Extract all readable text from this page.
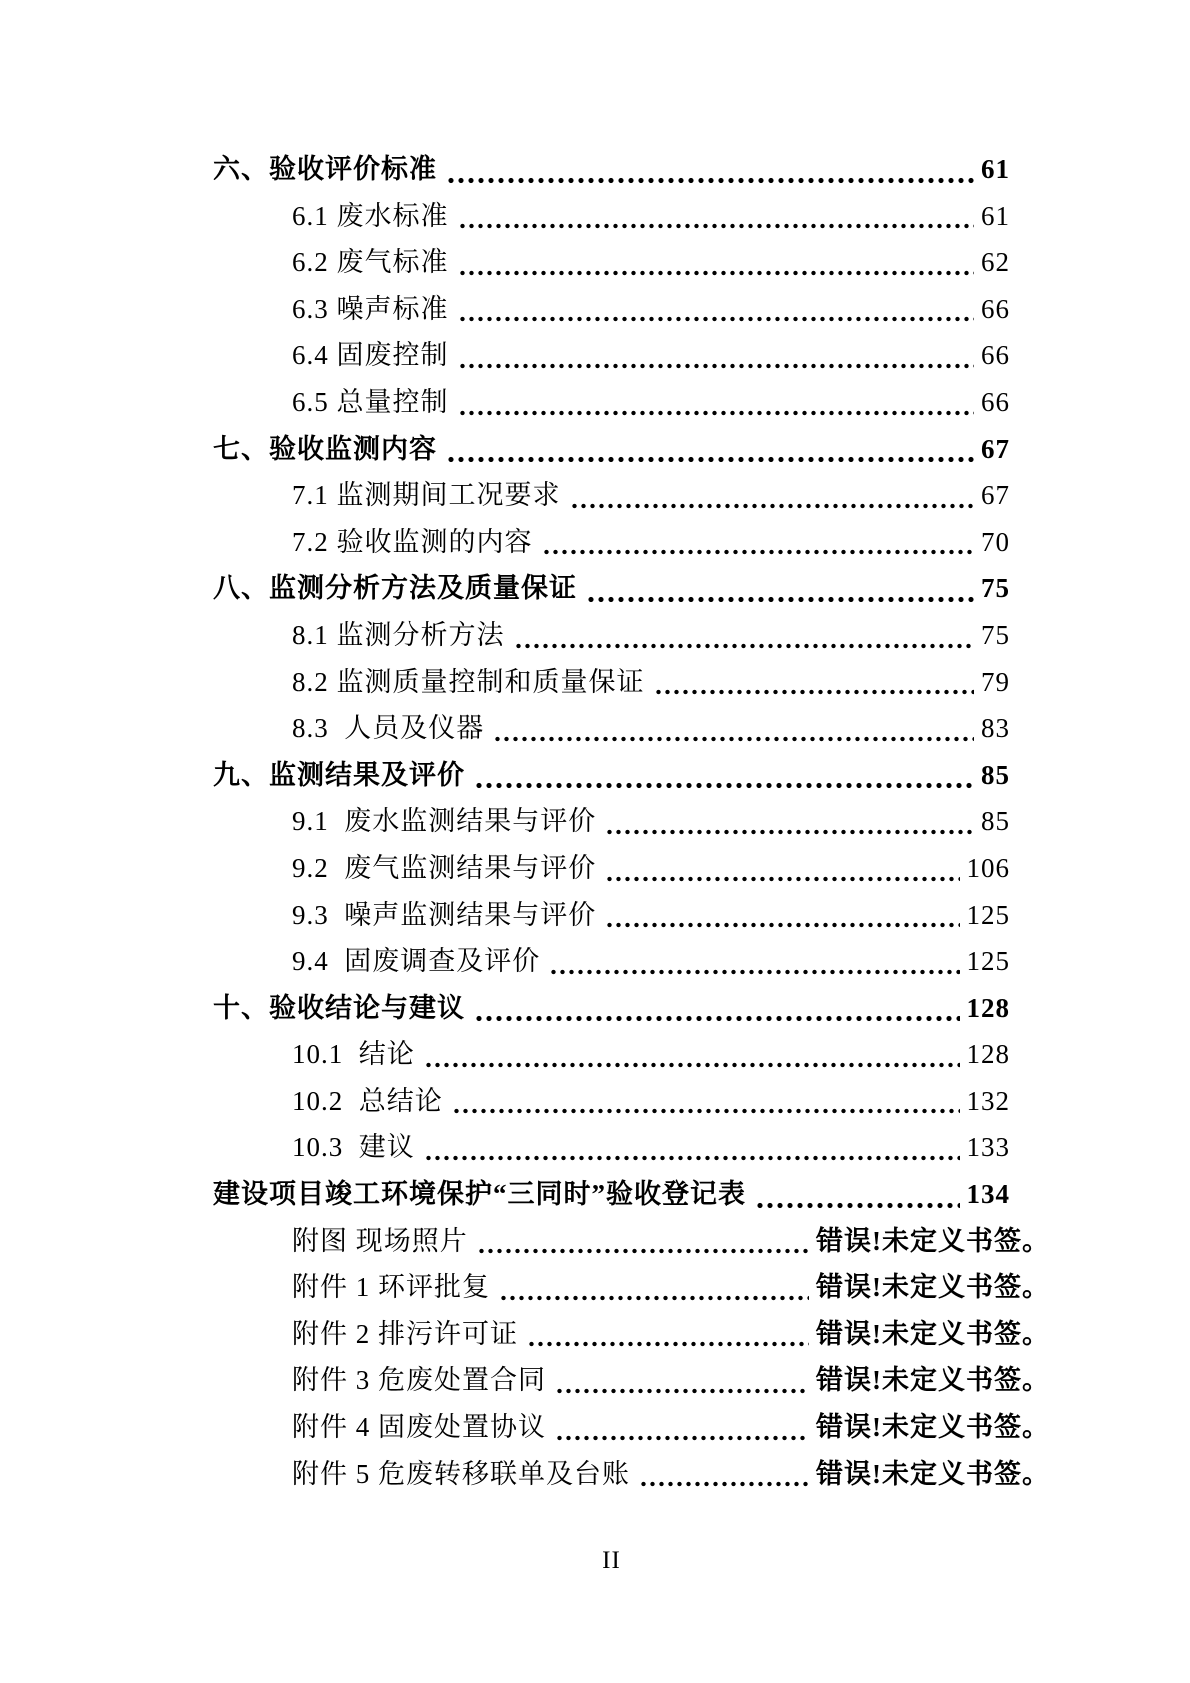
六、验收评价标准	61
6.1 废水标准	61
6.2 废气标准	62
6.3 噪声标准	66
6.4 固废控制	66
6.5 总量控制	66
七、验收监测内容	67
7.1 监测期间工况要求	67
7.2 验收监测的内容	70
八、监测分析方法及质量保证	75
8.1 监测分析方法	75
8.2 监测质量控制和质量保证	79
8.3  人员及仪器	83
九、监测结果及评价	85
9.1  废水监测结果与评价	85
9.2  废气监测结果与评价	106
9.3  噪声监测结果与评价	125
9.4  固废调查及评价	125
十、验收结论与建议	128
10.1  结论	128
10.2  总结论	132
10.3  建议	133
建设项目竣工环境保护“三同时”验收登记表	134
附图 现场照片	错误!未定义书签。
附件 1 环评批复	错误!未定义书签。
附件 2 排污许可证	错误!未定义书签。
附件 3 危废处置合同	错误!未定义书签。
附件 4 固废处置协议	错误!未定义书签。
附件 5 危废转移联单及台账	错误!未定义书签。
II
